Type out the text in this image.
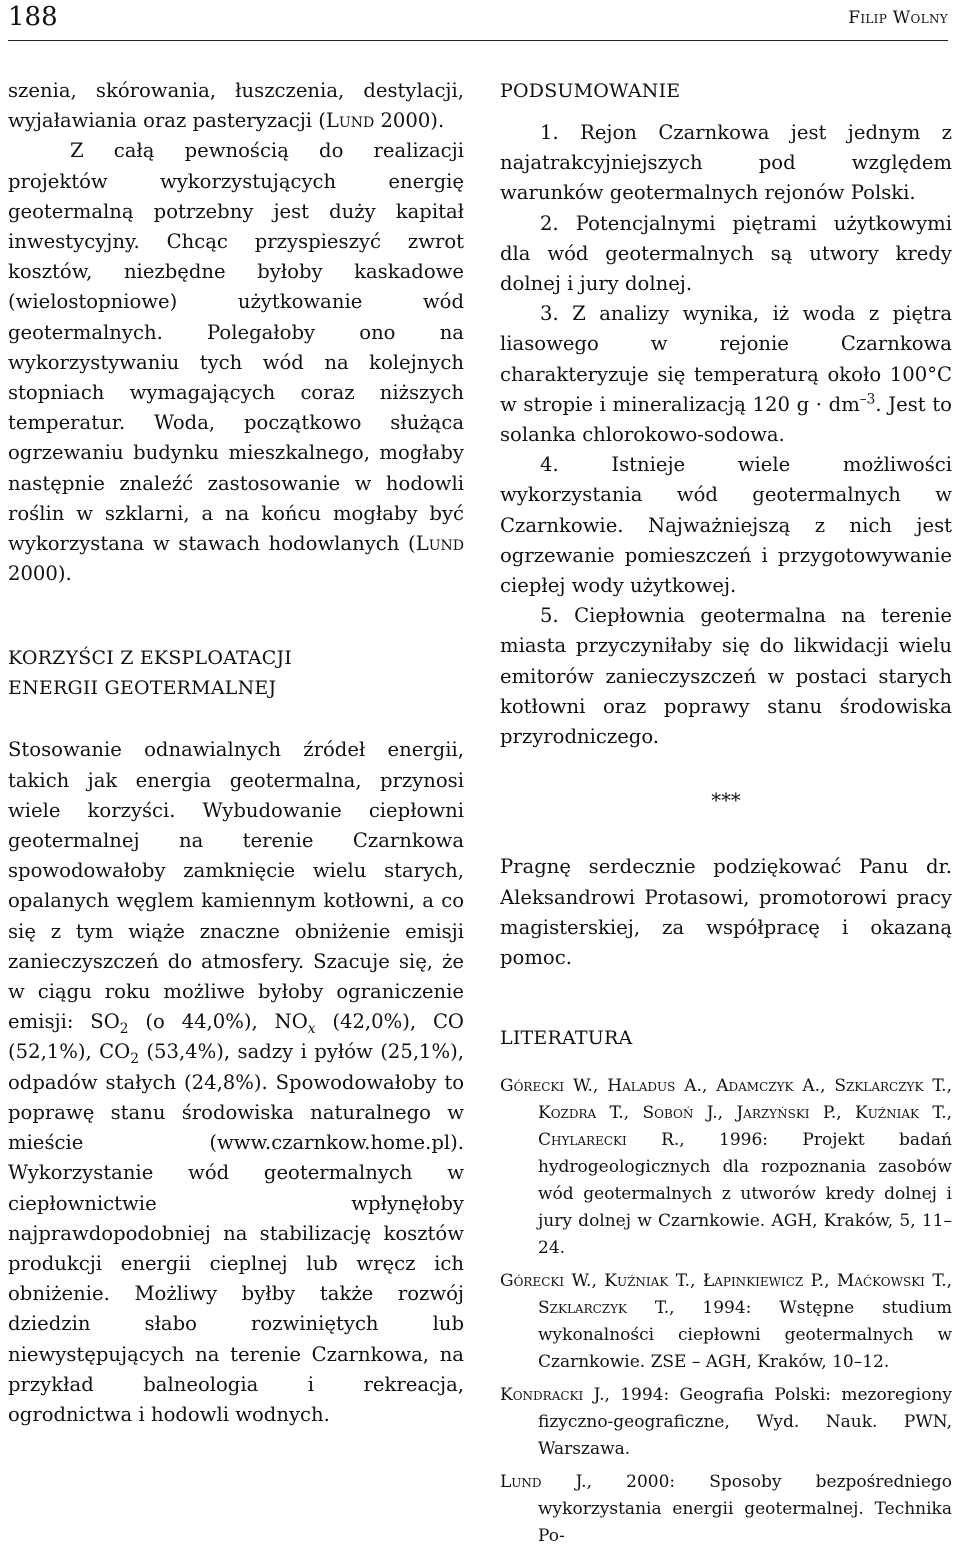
188	Filip Wolny

szenia, skórowania, łuszczenia, destylacji, wyjaławiania oraz pasteryzacji (Lund 2000).

Z całą pewnością do realizacji projektów wykorzystujących energię geotermalną potrzebny jest duży kapitał inwestycyjny. Chcąc przyspieszyć zwrot kosztów, niezbędne byłoby kaskadowe (wielostopniowe) użytkowanie wód geotermalnych. Polegałoby ono na wykorzystywaniu tych wód na kolejnych stopniach wymagających coraz niższych temperatur. Woda, początkowo służąca ogrzewaniu budynku mieszkalnego, mogłaby następnie znaleźć zastosowanie w hodowli roślin w szklarni, a na końcu mogłaby być wykorzystana w stawach hodowlanych (Lund 2000).

KORZYŚCI Z EKSPLOATACJI
ENERGII GEOTERMALNEJ

Stosowanie odnawialnych źródeł energii, takich jak energia geotermalna, przynosi wiele korzyści. Wybudowanie ciepłowni geotermalnej na terenie Czarnkowa spowodowałoby zamknięcie wielu starych, opalanych węglem kamiennym kotłowni, a co się z tym wiąże znaczne obniżenie emisji zanieczyszczeń do atmosfery. Szacuje się, że w ciągu roku możliwe byłoby ograniczenie emisji: $SO_2$ (o 44,0%), $NO_x$ (42,0%), CO (52,1%), $CO_2$ (53,4%), sadzy i pyłów (25,1%), odpadów stałych (24,8%). Spowodowałoby to poprawę stanu środowiska naturalnego w mieście (www.czarnkow.home.pl). Wykorzystanie wód geotermalnych w ciepłownictwie wpłynęłoby najprawdopodobniej na stabilizację kosztów produkcji energii cieplnej lub wręcz ich obniżenie. Możliwy byłby także rozwój dziedzin słabo rozwiniętych lub niewystępujących na terenie Czarnkowa, na przykład balneologia i rekreacja, ogrodnictwa i hodowli wodnych.

PODSUMOWANIE

1. Rejon Czarnkowa jest jednym z najatrakcyjniejszych pod względem warunków geotermalnych rejonów Polski.

2. Potencjalnymi piętrami użytkowymi dla wód geotermalnych są utwory kredy dolnej i jury dolnej.

3. Z analizy wynika, iż woda z piętra liasowego w rejonie Czarnkowa charakteryzuje się temperaturą około 100°C w stropie i mineralizacją 120 $g \cdot dm^{-3}$. Jest to solanka chlorokowo-sodowa.

4. Istnieje wiele możliwości wykorzystania wód geotermalnych w Czarnkowie. Najważniejszą z nich jest ogrzewanie pomieszczeń i przygotowywanie ciepłej wody użytkowej.

5. Ciepłownia geotermalna na terenie miasta przyczyniłaby się do likwidacji wielu emitorów zanieczyszczeń w postaci starych kotłowni oraz poprawy stanu środowiska przyrodniczego.

***

Pragnę serdecznie podziękować Panu dr. Aleksandrowi Protasowi, promotorowi pracy magisterskiej, za współpracę i okazaną pomoc.

LITERATURA

Górecki W., Haladus A., Adamczyk A., Szklarczyk T., Kozdra T., Soboń J., Jarzyński P., Kuźniak T., Chylarecki R., 1996: Projekt badań hydrogeologicznych dla rozpoznania zasobów wód geotermalnych z utworów kredy dolnej i jury dolnej w Czarnkowie. AGH, Kraków, 5, 11–24.

Górecki W., Kuźniak T., Łapinkiewicz P., Maćkowski T., Szklarczyk T., 1994: Wstępne studium wykonalności ciepłowni geotermalnych w Czarnkowie. ZSE – AGH, Kraków, 10–12.

Kondracki J., 1994: Geografia Polski: mezoregiony fizyczno-geograficzne, Wyd. Nauk. PWN, Warszawa.

Lund J., 2000: Sposoby bezpośredniego wykorzystania energii geotermalnej. Technika Po-
